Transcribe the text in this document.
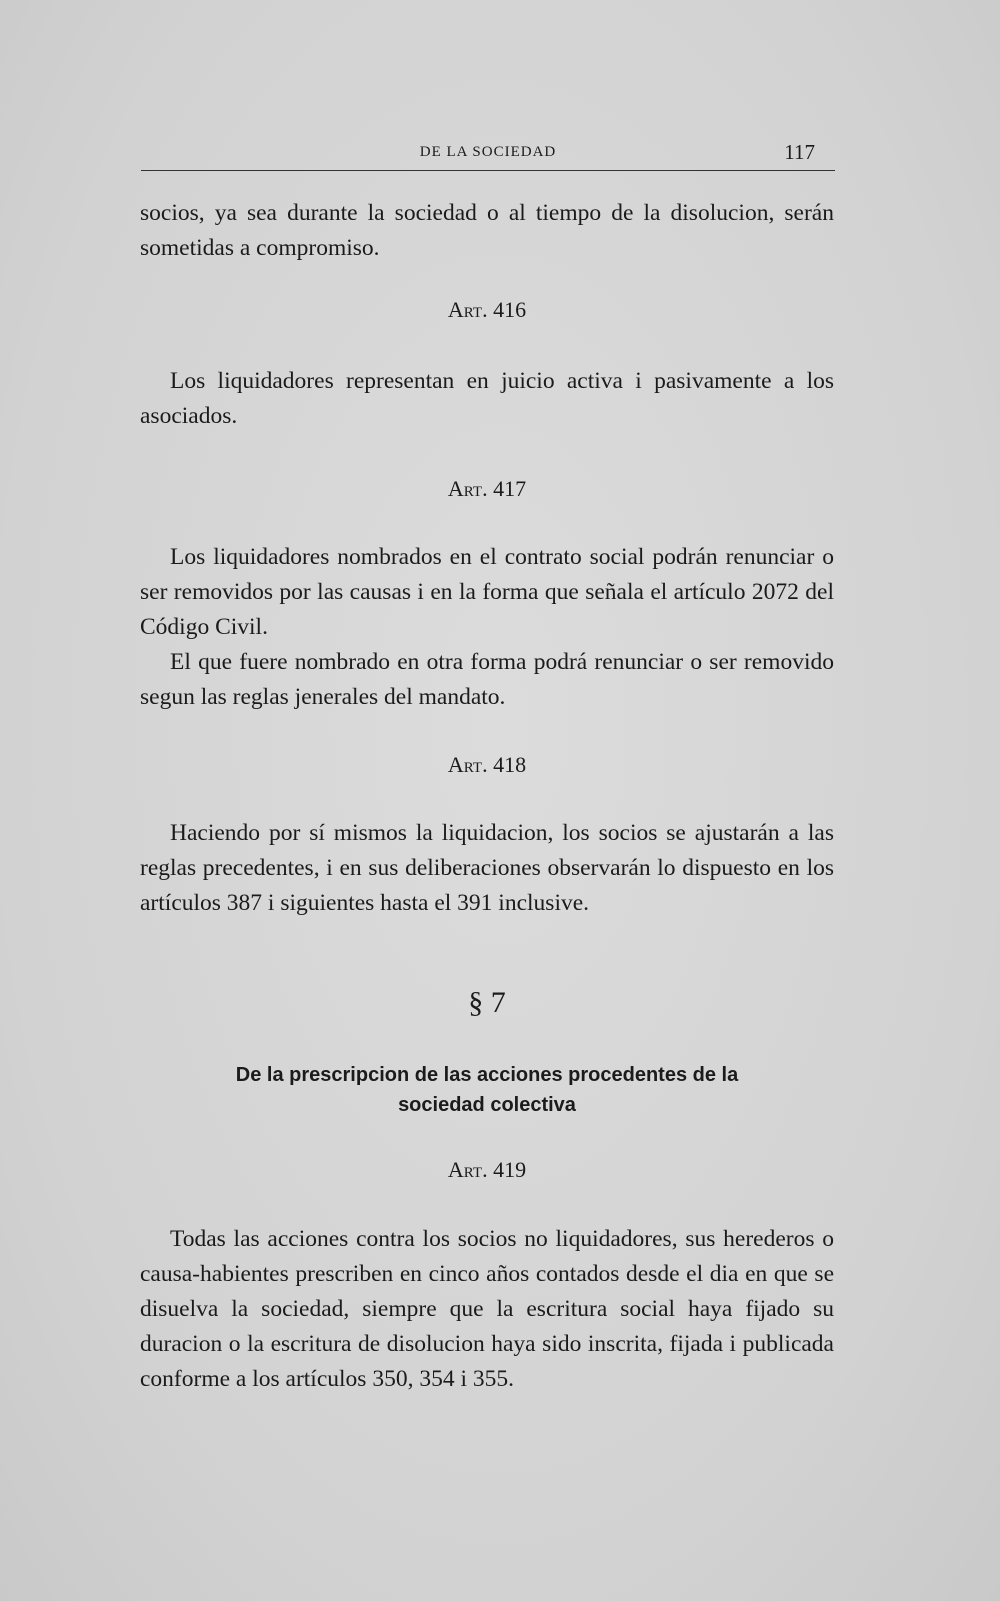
DE LA SOCIEDAD	117

socios, ya sea durante la sociedad o al tiempo de la disolucion, serán sometidas a compromiso.

Art. 416

Los liquidadores representan en juicio activa i pasivamente a los asociados.

Art. 417

Los liquidadores nombrados en el contrato social podrán renunciar o ser removidos por las causas i en la forma que señala el artículo 2072 del Código Civil.

El que fuere nombrado en otra forma podrá renunciar o ser removido segun las reglas jenerales del mandato.

Art. 418

Haciendo por sí mismos la liquidacion, los socios se ajustarán a las reglas precedentes, i en sus deliberaciones observarán lo dispuesto en los artículos 387 i siguientes hasta el 391 inclusive.

§ 7
De la prescripcion de las acciones procedentes de la
sociedad colectiva
Art. 419

Todas las acciones contra los socios no liquidadores, sus herederos o causa-habientes prescriben en cinco años contados desde el dia en que se disuelva la sociedad, siempre que la escritura social haya fijado su duracion o la escritura de disolucion haya sido inscrita, fijada i publicada conforme a los artículos 350, 354 i 355.
